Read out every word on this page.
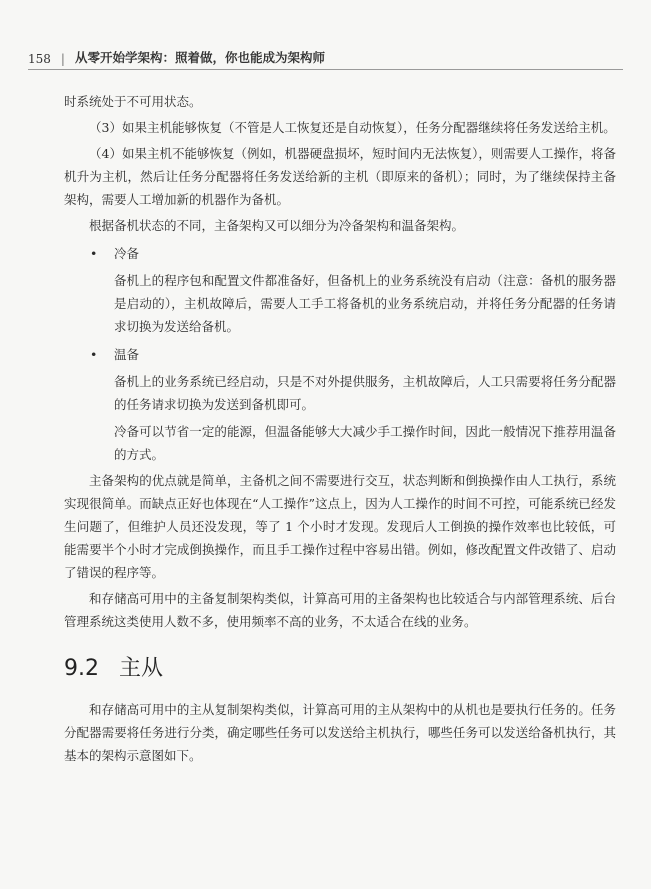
158 | 从零开始学架构：照着做，你也能成为架构师

时系统处于不可用状态。

（3）如果主机能够恢复（不管是人工恢复还是自动恢复），任务分配器继续将任务发送给主机。

（4）如果主机不能够恢复（例如，机器硬盘损坏，短时间内无法恢复），则需要人工操作，将备机升为主机，然后让任务分配器将任务发送给新的主机（即原来的备机）；同时，为了继续保持主备架构，需要人工增加新的机器作为备机。

根据备机状态的不同，主备架构又可以细分为冷备架构和温备架构。

•	冷备

备机上的程序包和配置文件都准备好，但备机上的业务系统没有启动（注意：备机的服务器是启动的），主机故障后，需要人工手工将备机的业务系统启动，并将任务分配器的任务请求切换为发送给备机。

•	温备

备机上的业务系统已经启动，只是不对外提供服务，主机故障后，人工只需要将任务分配器的任务请求切换为发送到备机即可。

冷备可以节省一定的能源，但温备能够大大减少手工操作时间，因此一般情况下推荐用温备的方式。

主备架构的优点就是简单，主备机之间不需要进行交互，状态判断和倒换操作由人工执行，系统实现很简单。而缺点正好也体现在“人工操作”这点上，因为人工操作的时间不可控，可能系统已经发生问题了，但维护人员还没发现，等了 1 个小时才发现。发现后人工倒换的操作效率也比较低，可能需要半个小时才完成倒换操作，而且手工操作过程中容易出错。例如，修改配置文件改错了、启动了错误的程序等。

和存储高可用中的主备复制架构类似，计算高可用的主备架构也比较适合与内部管理系统、后台管理系统这类使用人数不多，使用频率不高的业务，不太适合在线的业务。

9.2 主从

和存储高可用中的主从复制架构类似，计算高可用的主从架构中的从机也是要执行任务的。任务分配器需要将任务进行分类，确定哪些任务可以发送给主机执行，哪些任务可以发送给备机执行，其基本的架构示意图如下。
